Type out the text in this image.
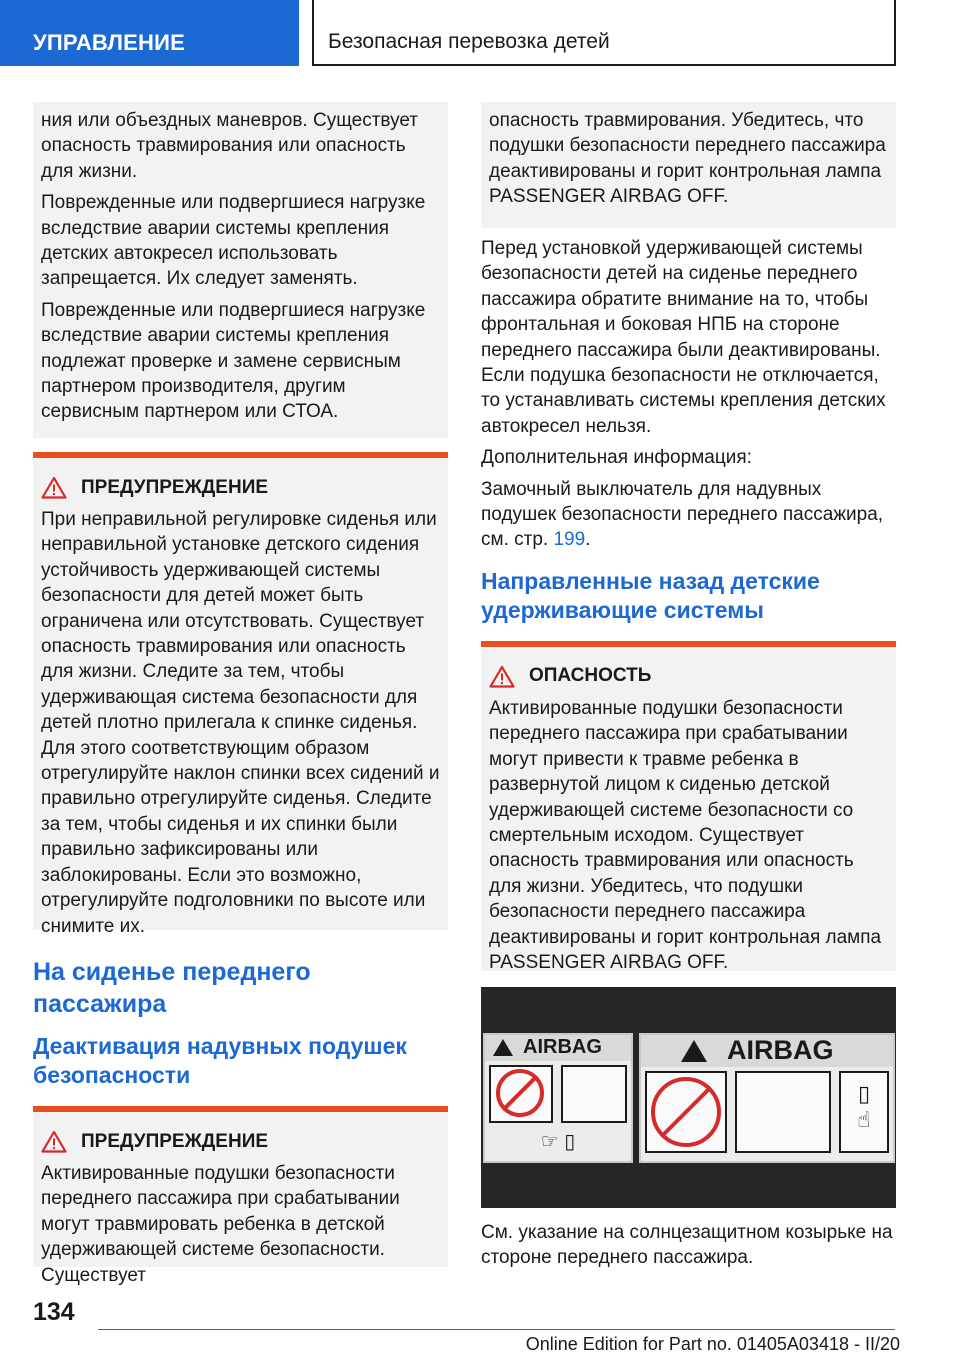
УПРАВЛЕНИЕ	Безопасная перевозка детей

ния или объездных маневров. Существует опасность травмирования или опасность для жизни.

Поврежденные или подвергшиеся нагрузке вследствие аварии системы крепления детских автокресел использовать запрещается. Их следует заменять.

Поврежденные или подвергшиеся нагрузке вследствие аварии системы крепления подлежат проверке и замене сервисным партнером производителя, другим сервисным партнером или СТОА.

ПРЕДУПРЕЖДЕНИЕ

При неправильной регулировке сиденья или неправильной установке детского сидения устойчивость удерживающей системы безопасности для детей может быть ограничена или отсутствовать. Существует опасность травмирования или опасность для жизни. Следите за тем, чтобы удерживающая система безопасности для детей плотно прилегала к спинке сиденья. Для этого соответствующим образом отрегулируйте наклон спинки всех сидений и правильно отрегулируйте сиденья. Следите за тем, чтобы сиденья и их спинки были правильно зафиксированы или заблокированы. Если это возможно, отрегулируйте подголовники по высоте или снимите их.

На сиденье переднего пассажира
Деактивация надувных подушек безопасности
ПРЕДУПРЕЖДЕНИЕ

Активированные подушки безопасности переднего пассажира при срабатывании могут травмировать ребенка в детской удерживающей системе безопасности. Существует

опасность травмирования. Убедитесь, что подушки безопасности переднего пассажира деактивированы и горит контрольная лампа PASSENGER AIRBAG OFF.

Перед установкой удерживающей системы безопасности детей на сиденье переднего пассажира обратите внимание на то, чтобы фронтальная и боковая НПБ на стороне переднего пассажира были деактивированы. Если подушка безопасности не отключается, то устанавливать системы крепления детских автокресел нельзя.

Дополнительная информация:

Замочный выключатель для надувных подушек безопасности переднего пассажира, см. стр. 199.

Направленные назад детские удерживающие системы
ОПАСНОСТЬ

Активированные подушки безопасности переднего пассажира при срабатывании могут привести к травме ребенка в развернутой лицом к сиденью детской удерживающей системе безопасности со смертельным исходом. Существует опасность травмирования или опасность для жизни. Убедитесь, что подушки безопасности переднего пассажира деактивированы и горит контрольная лампа PASSENGER AIRBAG OFF.

AIRBAG
☞ ▯
AIRBAG
▯
☝

См. указание на солнцезащитном козырьке на стороне переднего пассажира.

134
Online Edition for Part no. 01405A03418 - II/20
